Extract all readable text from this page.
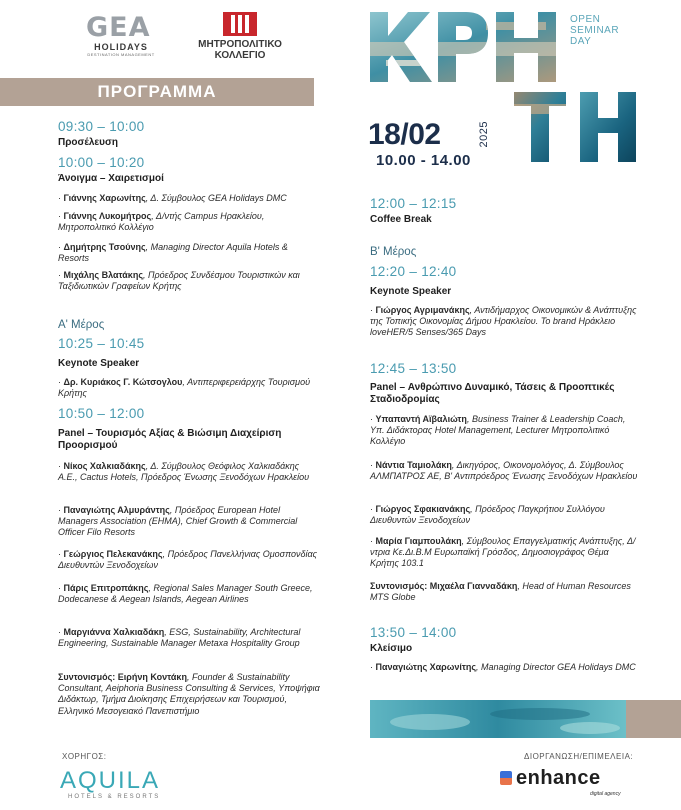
GEA
HOLIDAYS
DESTINATION MANAGEMENT
ΜΗΤΡΟΠΟΛΙΤΙΚΟ
ΚΟΛΛΕΓΙΟ
ΠΡΟΓΡΑΜΜΑ
OPEN
SEMINAR
DAY
18/02	2025
10.00 - 14.00
09:30 – 10:00
Προσέλευση
10:00 – 10:20
Άνοιγμα – Χαιρετισμοί
· Γιάννης Χαρωνίτης, Δ. Σύμβουλος GEA Holidays DMC
· Γιάννης Λυκομήτρος, Δ/ντής Campus Ηρακλείου, Μητροπολιτικό Κολλέγιο
· Δημήτρης Τσούνης, Managing Director Aquila Hotels & Resorts
· Μιχάλης Βλατάκης, Πρόεδρος Συνδέσμου Τουριστικών και Ταξιδιωτικών Γραφείων Κρήτης
Α' Μέρος
10:25 – 10:45
Keynote Speaker
· Δρ. Κυριάκος Γ. Κώτσογλου, Αντιπεριφερειάρχης Τουρισμού Κρήτης
10:50 – 12:00
Panel – Τουρισμός Αξίας & Βιώσιμη Διαχείριση Προορισμού
· Νίκος Χαλκιαδάκης, Δ. Σύμβουλος Θεόφιλος Χαλκιαδάκης Α.Ε., Cactus Hotels, Πρόεδρος Ένωσης Ξενοδόχων Ηρακλείου
· Παναγιώτης Αλμυράντης, Πρόεδρος European Hotel Managers Association (EHMA), Chief Growth & Commercial Officer Filo Resorts
· Γεώργιος Πελεκανάκης, Πρόεδρος Πανελλήνιας Ομοσπονδίας Διευθυντών Ξενοδοχείων
· Πάρις Επιτροπάκης, Regional Sales Manager South Greece, Dodecanese & Aegean Islands, Aegean Airlines
· Μαργιάννα Χαλκιαδάκη, ESG, Sustainability, Architectural Engineering, Sustainable Manager Metaxa Hospitality Group
Συντονισμός: Ειρήνη Κοντάκη, Founder & Sustainability Consultant, Aeiphoria Business Consulting & Services, Υποψήφια Διδάκτωρ, Τμήμα Διοίκησης Επιχειρήσεων και Τουρισμού, Ελληνικό Μεσογειακό Πανεπιστήμιο
12:00 – 12:15
Coffee Break
Β' Μέρος
12:20 – 12:40
Keynote Speaker
· Γιώργος Αγριμανάκης, Αντιδήμαρχος Οικονομικών & Ανάπτυξης της Τοπικής Οικονομίας Δήμου Ηρακλείου. To brand Ηράκλειο loveHER/5 Senses/365 Days
12:45 – 13:50
Panel – Ανθρώπινο Δυναμικό, Τάσεις & Προοπτικές Σταδιοδρομίας
· Υπαπαντή Αϊβαλιώτη, Business Trainer & Leadership Coach, Υπ. Διδάκτορας Hotel Management, Lecturer Μητροπολιτικό Κολλέγιο
· Νάντια Ταμιολάκη, Δικηγόρος, Οικονομολόγος, Δ. Σύμβουλος ΑΛΜΠΑΤΡΟΣ ΑΕ, Β' Αντιπρόεδρος Ένωσης Ξενοδόχων Ηρακλείου
· Γιώργος Σφακιανάκης, Πρόεδρος Παγκρήτιου Συλλόγου Διευθυντών Ξενοδοχείων
· Μαρία Γιαμπουλάκη, Σύμβουλος Επαγγελματικής Ανάπτυξης, Δ/ντρια Κε.Δι.Β.Μ Ευρωπαϊκή Γρόσδος, Δημοσιογράφος Θέμα Κρήτης 103.1
Συντονισμός: Μιχαέλα Γιανναδάκη, Head of Human Resources MTS Globe
13:50 – 14:00
Κλείσιμο
· Παναγιώτης Χαρωνίτης, Managing Director GEA Holidays DMC
ΧΟΡΗΓΟΣ:
AQUILA
HOTELS & RESORTS
ΔΙΟΡΓΑΝΩΣΗ/ΕΠΙΜΕΛΕΙΑ:
enhance
digital agency
